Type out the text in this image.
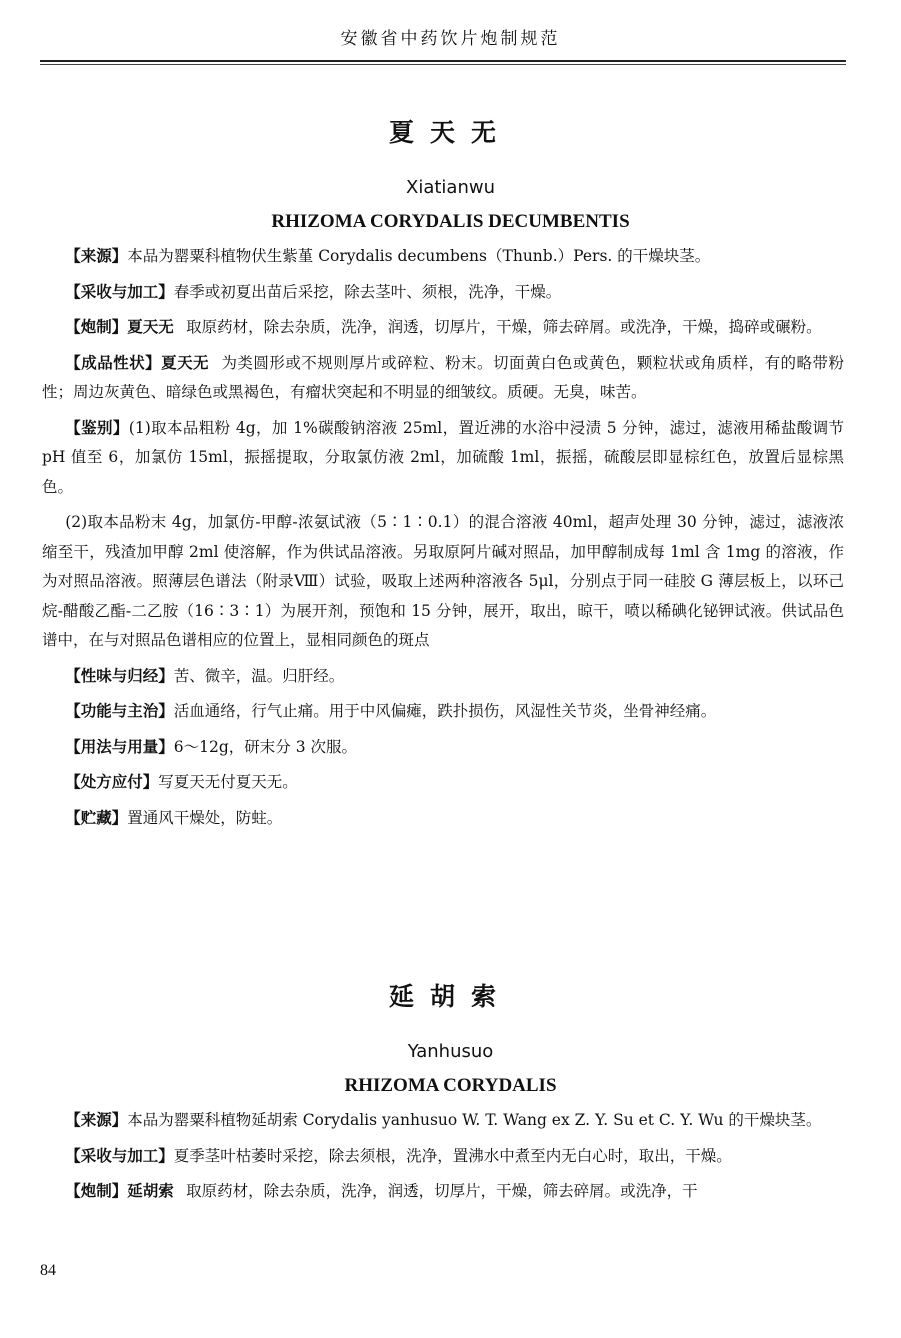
安徽省中药饮片炮制规范
夏天无
Xiatianwu
RHIZOMA CORYDALIS DECUMBENTIS

【来源】本品为罂粟科植物伏生紫堇 Corydalis decumbens（Thunb.）Pers. 的干燥块茎。

【采收与加工】春季或初夏出苗后采挖，除去茎叶、须根，洗净，干燥。

【炮制】夏天无 取原药材，除去杂质，洗净，润透，切厚片，干燥，筛去碎屑。或洗净，干燥，捣碎或碾粉。

【成品性状】夏天无 为类圆形或不规则厚片或碎粒、粉末。切面黄白色或黄色，颗粒状或角质样，有的略带粉性；周边灰黄色、暗绿色或黑褐色，有瘤状突起和不明显的细皱纹。质硬。无臭，味苦。

【鉴别】(1)取本品粗粉 4g，加 1%碳酸钠溶液 25ml，置近沸的水浴中浸渍 5 分钟，滤过，滤液用稀盐酸调节 pH 值至 6，加氯仿 15ml，振摇提取，分取氯仿液 2ml，加硫酸 1ml，振摇，硫酸层即显棕红色，放置后显棕黑色。

(2)取本品粉末 4g，加氯仿-甲醇-浓氨试液（5∶1∶0.1）的混合溶液 40ml，超声处理 30 分钟，滤过，滤液浓缩至干，残渣加甲醇 2ml 使溶解，作为供试品溶液。另取原阿片碱对照品，加甲醇制成每 1ml 含 1mg 的溶液，作为对照品溶液。照薄层色谱法（附录Ⅷ）试验，吸取上述两种溶液各 5μl，分别点于同一硅胶 G 薄层板上，以环己烷-醋酸乙酯-二乙胺（16∶3∶1）为展开剂，预饱和 15 分钟，展开，取出，晾干，喷以稀碘化铋钾试液。供试品色谱中，在与对照品色谱相应的位置上，显相同颜色的斑点

【性味与归经】苦、微辛，温。归肝经。

【功能与主治】活血通络，行气止痛。用于中风偏瘫，跌扑损伤，风湿性关节炎，坐骨神经痛。

【用法与用量】6～12g，研末分 3 次服。

【处方应付】写夏天无付夏天无。

【贮藏】置通风干燥处，防蛀。

延胡索
Yanhusuo
RHIZOMA CORYDALIS

【来源】本品为罂粟科植物延胡索 Corydalis yanhusuo W. T. Wang ex Z. Y. Su et C. Y. Wu 的干燥块茎。

【采收与加工】夏季茎叶枯萎时采挖，除去须根，洗净，置沸水中煮至内无白心时，取出，干燥。

【炮制】延胡索 取原药材，除去杂质，洗净，润透，切厚片，干燥，筛去碎屑。或洗净，干

84
